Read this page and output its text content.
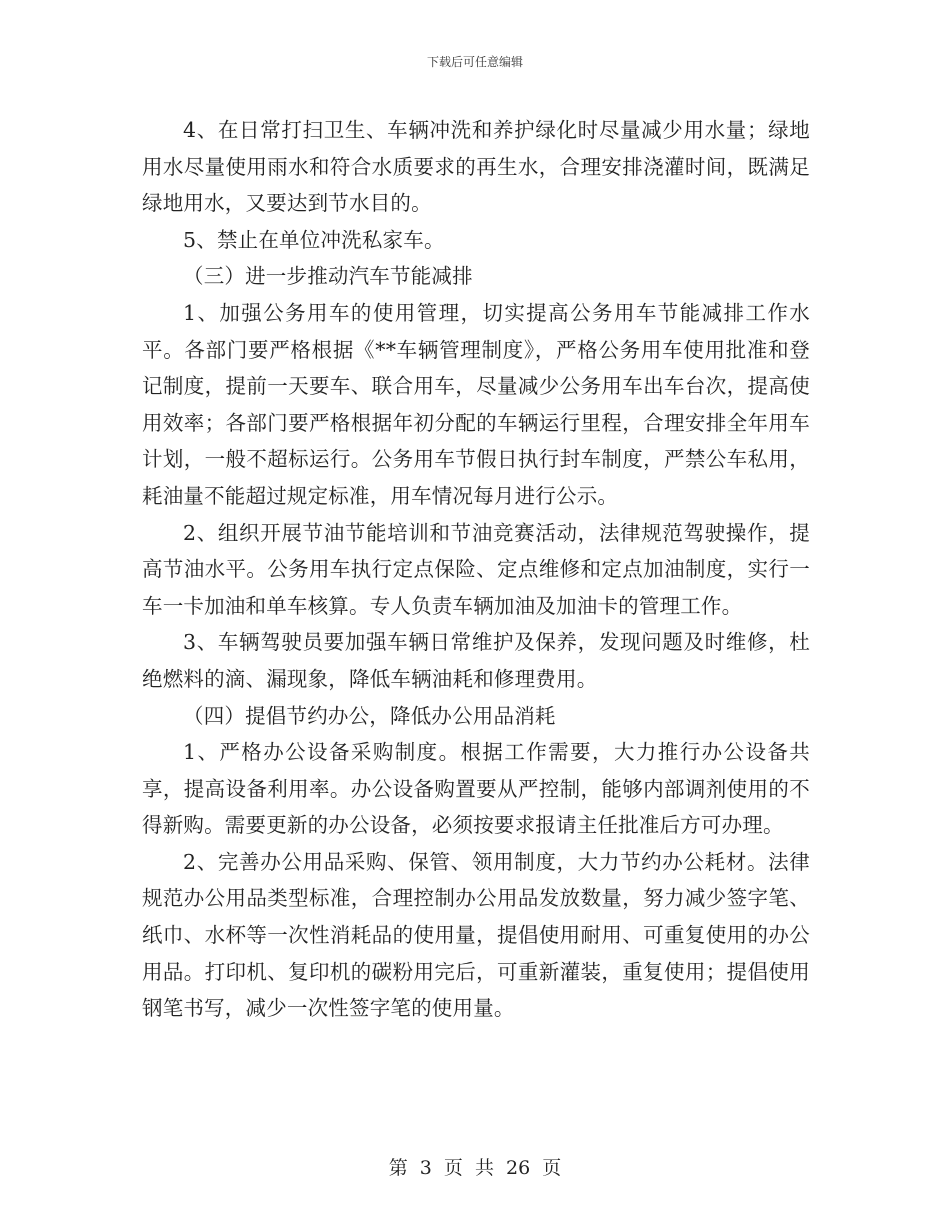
下载后可任意编辑

4、在日常打扫卫生、车辆冲洗和养护绿化时尽量减少用水量；绿地用水尽量使用雨水和符合水质要求的再生水，合理安排浇灌时间，既满足绿地用水，又要达到节水目的。

5、禁止在单位冲洗私家车。

（三）进一步推动汽车节能减排

1、加强公务用车的使用管理，切实提高公务用车节能减排工作水平。各部门要严格根据《**车辆管理制度》，严格公务用车使用批准和登记制度，提前一天要车、联合用车，尽量减少公务用车出车台次，提高使用效率；各部门要严格根据年初分配的车辆运行里程，合理安排全年用车计划，一般不超标运行。公务用车节假日执行封车制度，严禁公车私用，耗油量不能超过规定标准，用车情况每月进行公示。

2、组织开展节油节能培训和节油竞赛活动，法律规范驾驶操作，提高节油水平。公务用车执行定点保险、定点维修和定点加油制度，实行一车一卡加油和单车核算。专人负责车辆加油及加油卡的管理工作。

3、车辆驾驶员要加强车辆日常维护及保养，发现问题及时维修，杜绝燃料的滴、漏现象，降低车辆油耗和修理费用。

（四）提倡节约办公，降低办公用品消耗

1、严格办公设备采购制度。根据工作需要，大力推行办公设备共享，提高设备利用率。办公设备购置要从严控制，能够内部调剂使用的不得新购。需要更新的办公设备，必须按要求报请主任批准后方可办理。

2、完善办公用品采购、保管、领用制度，大力节约办公耗材。法律规范办公用品类型标准，合理控制办公用品发放数量，努力减少签字笔、纸巾、水杯等一次性消耗品的使用量，提倡使用耐用、可重复使用的办公用品。打印机、复印机的碳粉用完后，可重新灌装，重复使用；提倡使用钢笔书写，减少一次性签字笔的使用量。

第 3 页 共 26 页
